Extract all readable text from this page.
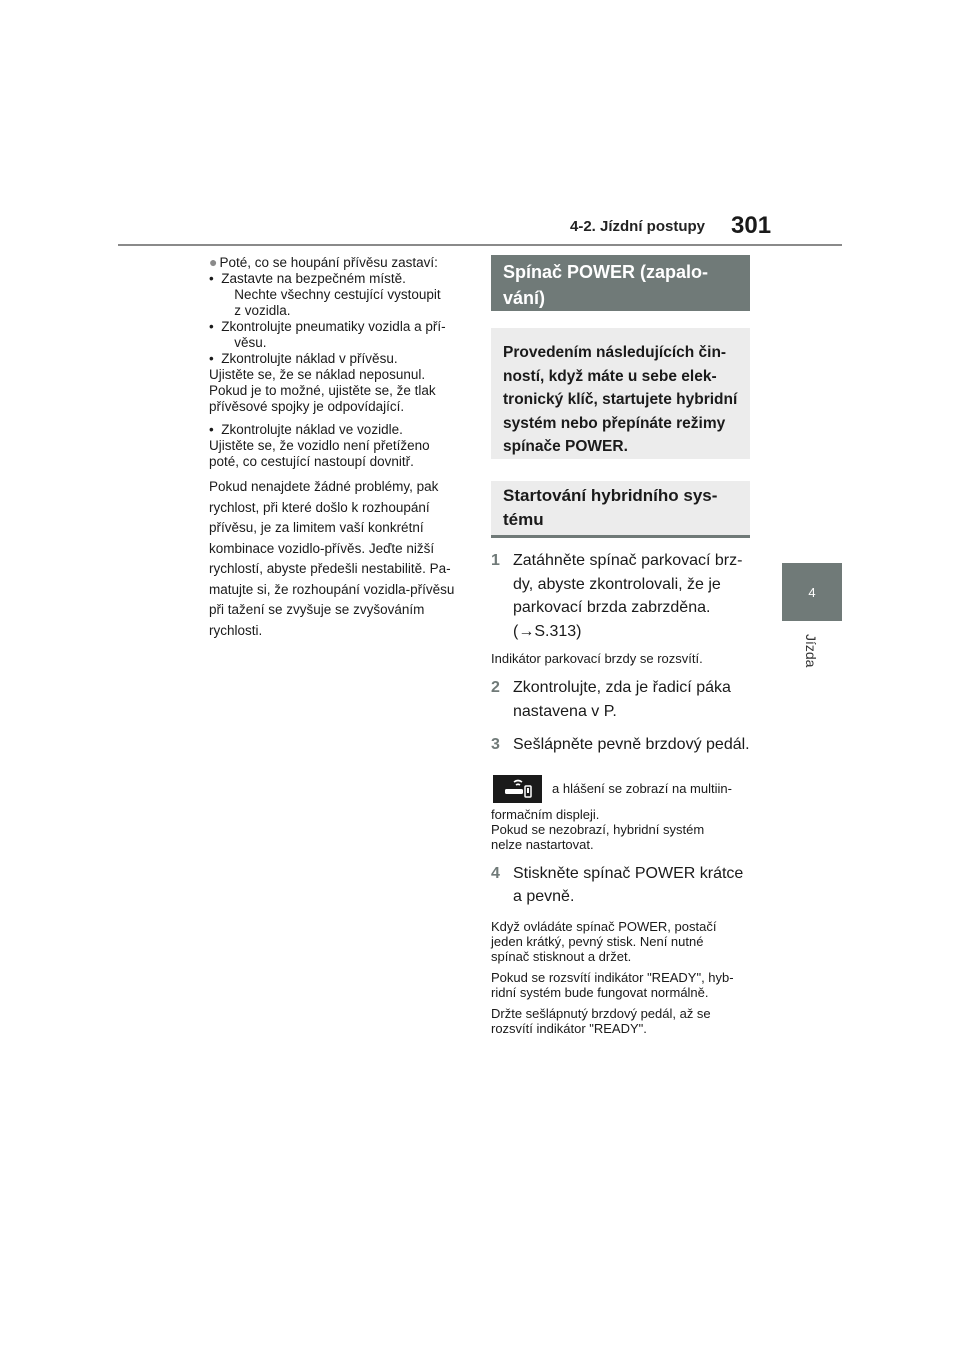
4-2. Jízdní postupy 301
4
Jízda

● Poté, co se houpání přívěsu zastaví:

•  Zastavte na bezpečném místě.
Nechte všechny cestující vystoupit
z vozidla.

•  Zkontrolujte pneumatiky vozidla a pří-
věsu.

•  Zkontrolujte náklad v přívěsu.

Ujistěte se, že se náklad neposunul.
Pokud je to možné, ujistěte se, že tlak
přívěsové spojky je odpovídající.

•  Zkontrolujte náklad ve vozidle.

Ujistěte se, že vozidlo není přetíženo
poté, co cestující nastoupí dovnitř.

Pokud nenajdete žádné problémy, pak
rychlost, při které došlo k rozhoupání
přívěsu, je za limitem vaší konkrétní
kombinace vozidlo-přívěs. Jeďte nižší
rychlostí, abyste předešli nestabilitě. Pa-
matujte si, že rozhoupání vozidla-přívěsu
při tažení se zvyšuje se zvyšováním
rychlosti.

Spínač POWER (zapalo-
vání)
Provedením následujících čin-
ností, když máte u sebe elek-
tronický klíč, startujete hybridní
systém nebo přepínáte režimy
spínače POWER.
Startování hybridního sys-
tému
1 Zatáhněte spínač parkovací brz-
dy, abyste zkontrolovali, že je
parkovací brzda zabrzděna.
(→S.313)

Indikátor parkovací brzdy se rozsvítí.

2 Zkontrolujte, zda je řadicí páka
nastavena v P.
3 Sešlápněte pevně brzdový pedál.
a hlášení se zobrazí na multiin-

formačním displeji.
Pokud se nezobrazí, hybridní systém
nelze nastartovat.

4 Stiskněte spínač POWER krátce
a pevně.

Když ovládáte spínač POWER, postačí
jeden krátký, pevný stisk. Není nutné
spínač stisknout a držet.

Pokud se rozsvítí indikátor "READY", hyb-
ridní systém bude fungovat normálně.

Držte sešlápnutý brzdový pedál, až se
rozsvítí indikátor "READY".
